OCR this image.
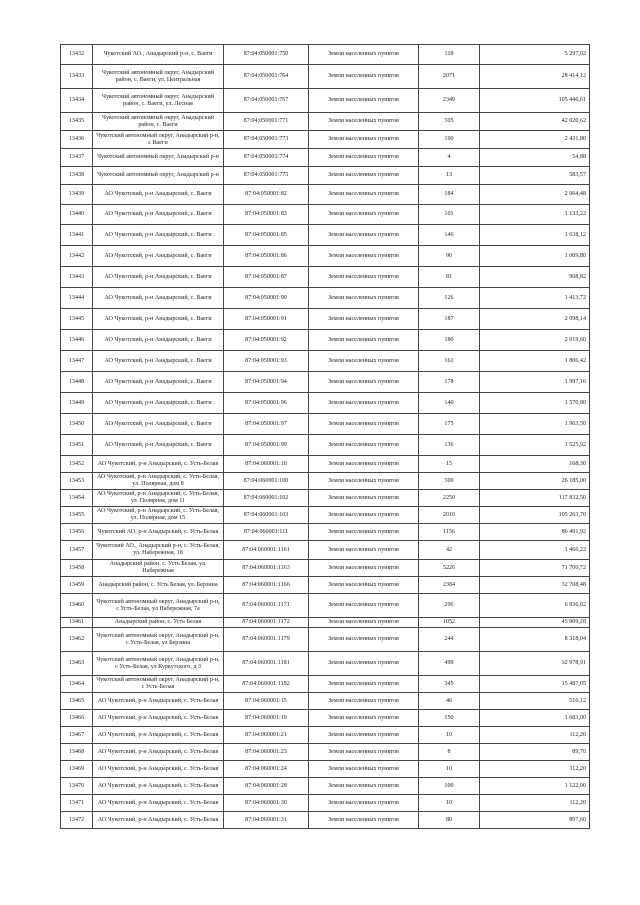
13432	Чукотский АО., Анадырский р-н, с. Ваеги	87:04:050001:750	Земли населенных пунктов	118	5 297,02
13433	Чукотский автономный округ, Анадырский район, с. Ваеги, ул. Центральная	87:04:050001:764	Земли населенных пунктов	2071	28 414,12
13434	Чукотский автономный округ, Анадырский район, с. Ваеги, ул. Лесная	87:04:050001:767	Земли населенных пунктов	2349	105 446,61
13435	Чукотский автономный округ, Анадырский район, с. Ваеги	87:04:050001:771	Земли населенных пунктов	505	42 020,62
13436	Чукотский автономный округ, Анадырский р-н, с Ваеги	87:04:050001:773	Земли населенных пунктов	190	2 431,80
13437	Чукотский автономный округ, Анадырский р-н	87:04:050001:774	Земли населенных пунктов	4	54,88
13438	Чукотский автономный округ, Анадырский р-н	87:04:050001:775	Земли населенных пунктов	13	583,57
13439	АО Чукотский, р-н Анадырский, с. Ваеги	87:04:050001:82	Земли населенных пунктов	184	2 064,48
13440	АО Чукотский, р-н Анадырский, с. Ваеги	87:04:050001:83	Земли населенных пунктов	101	1 133,22
13441	АО Чукотский, р-н Анадырский, с. Ваеги	87:04:050001:85	Земли населенных пунктов	146	1 638,12
13442	АО Чукотский, р-н Анадырский, с. Ваеги	87:04:050001:86	Земли населенных пунктов	90	1 009,80
13443	АО Чукотский, р-н Анадырский, с. Ваеги	87:04:050001:87	Земли населенных пунктов	81	908,82
13444	АО Чукотский, р-н Анадырский, с. Ваеги	87:04:050001:90	Земли населенных пунктов	126	1 413,72
13445	АО Чукотский, р-н Анадырский, с. Ваеги	87:04:050001:91	Земли населенных пунктов	187	2 098,14
13446	АО Чукотский, р-н Анадырский, с. Ваеги	87:04:050001:92	Земли населенных пунктов	180	2 019,60
13447	АО Чукотский, р-н Анадырский, с. Ваеги	87:04:050001:93	Земли населенных пунктов	161	1 806,42
13448	АО Чукотский, р-н Анадырский, с. Ваеги	87:04:050001:94	Земли населенных пунктов	178	1 997,16
13449	АО Чукотский, р-н Анадырский, с. Ваеги	87:04:050001:96	Земли населенных пунктов	140	1 570,80
13450	АО Чукотский, р-н Анадырский, с. Ваеги	87:04:050001:97	Земли населенных пунктов	175	1 963,50
13451	АО Чукотский, р-н Анадырский, с. Ваеги	87:04:050001:99	Земли населенных пунктов	136	1 525,92
13452	АО Чукотский, р-н Анадырский, с. Усть-Белая	87:04:060001:10	Земли населенных пунктов	15	168,30
13453	АО Чукотский, р-н Анадырский, с. Усть-Белая, ул. Полярная, дом 8	87:04:060001:100	Земли населенных пунктов	500	26 185,00
13454	АО Чукотский, р-н Анадырский, с. Усть-Белая, ул. Полярная, дом 11	87:04:060001:102	Земли населенных пунктов	2250	117 832,50
13455	АО Чукотский, р-н Анадырский, с. Усть-Белая, ул. Полярная, дом 15	87:04:060001:103	Земли населенных пунктов	2010	105 263,70
13456	Чукотский АО, р-н Анадырский, с. Усть-Белая	87:04:060001:111	Земли населенных пунктов	1156	86 491,92
13457	Чукотский АО., Анадырский р-н, с. Усть-Белая, ул. Набережная, 18	87:04:060001:1161	Земли населенных пунктов	42	1 466,22
13458	Анадырский район, с. Усть Белая, ул. Набережная	87:04:060001:1163	Земли населенных пунктов	5226	71 700,72
13459	Анадырский район, с. Усть Белая, ул. Берзина	87:04:060001:1166	Земли населенных пунктов	2384	32 708,48
13460	Чукотский автономный округ, Анадырский р-н, с Усть-Белая, ул Набережная, 7а	87:04:060001:1171	Земли населенных пунктов	296	6 936,02
13461	Анадырский район, с. Усть Белая	87:04:060001:1172	Земли населенных пунктов	1052	45 909,28
13462	Чукотский автономный округ, Анадырский р-н, с Усть-Белая, ул Берзина	87:04:060001:1179	Земли населенных пунктов	244	8 318,04
13463	Чукотский автономный округ, Анадырский р-н, с Усть-Белая, ул Куркутского, д 3	87:04:060001:1181	Земли населенных пунктов	499	32 978,91
13464	Чукотский автономный округ, Анадырский р-н, с Усть-Белая	87:04:060001:1182	Земли населенных пунктов	345	15 487,05
13465	АО Чукотский, р-н Анадырский, с. Усть-Белая	87:04:060001:15	Земли населенных пунктов	46	516,12
13466	АО Чукотский, р-н Анадырский, с. Усть-Белая	87:04:060001:19	Земли населенных пунктов	150	1 683,00
13467	АО Чукотский, р-н Анадырский, с. Усть-Белая	87:04:060001:21	Земли населенных пунктов	10	112,20
13468	АО Чукотский, р-н Анадырский, с. Усть-Белая	87:04:060001:23	Земли населенных пунктов	8	89,76
13469	АО Чукотский, р-н Анадырский, с. Усть-Белая	87:04:060001:24	Земли населенных пунктов	10	112,20
13470	АО Чукотский, р-н Анадырский, с. Усть-Белая	87:04:060001:28	Земли населенных пунктов	100	1 122,00
13471	АО Чукотский, р-н Анадырский, с. Усть-Белая	87:04:060001:30	Земли населенных пунктов	10	112,20
13472	АО Чукотский, р-н Анадырский, с. Усть-Белая	87:04:060001:31	Земли населенных пунктов	80	897,60
